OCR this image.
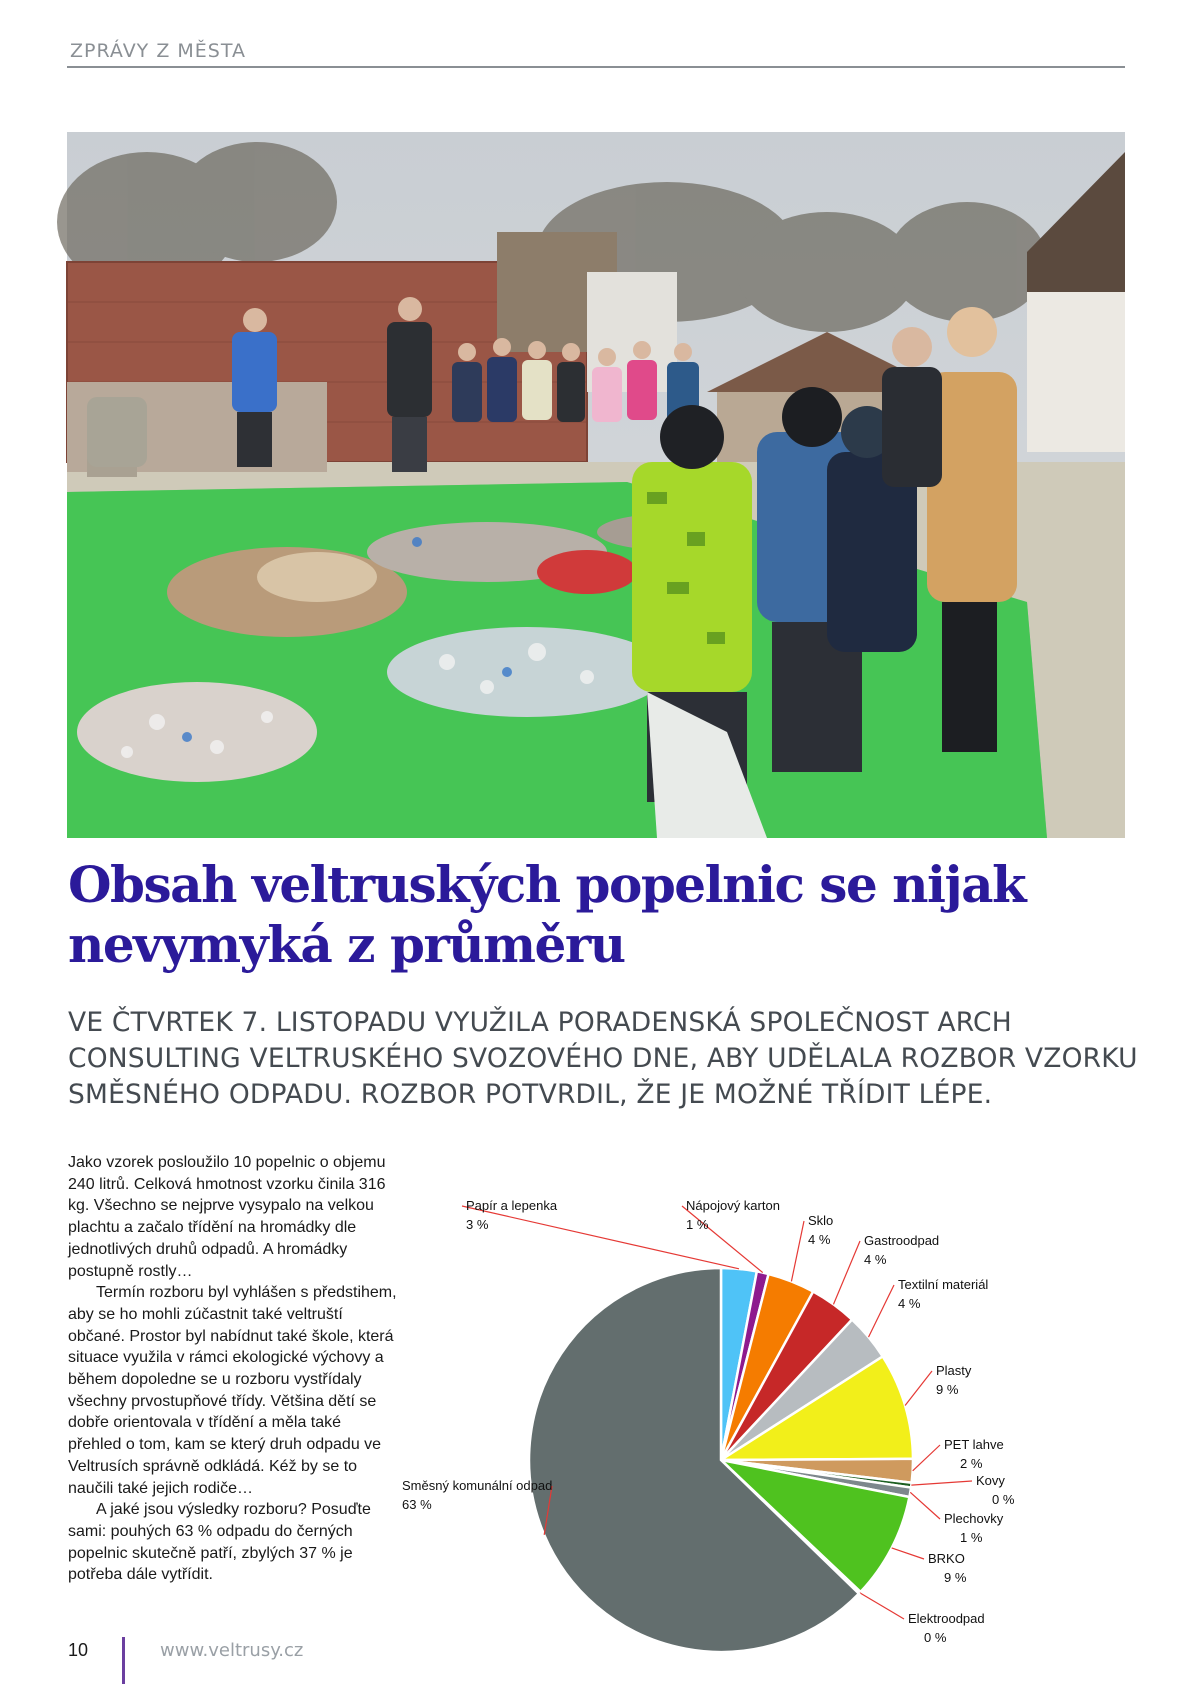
ZPRÁVY Z MĚSTA
Obsah veltruských popelnic se nijak nevymyká z průměru

VE ČTVRTEK 7. LISTOPADU VYUŽILA PORADENSKÁ SPOLEČNOST ARCH CONSULTING VELTRUSKÉHO SVOZOVÉHO DNE, ABY UDĚLALA ROZBOR VZORKU SMĚSNÉHO ODPADU. ROZBOR POTVRDIL, ŽE JE MOŽNÉ TŘÍDIT LÉPE.

Jako vzorek posloužilo 10 popelnic o objemu 240 litrů. Celková hmotnost vzorku činila 316 kg. Všechno se nejprve vysypalo na velkou plachtu a začalo třídění na hromádky dle jednotlivých druhů odpadů. A hromádky postupně rostly…

Termín rozboru byl vyhlášen s předstihem, aby se ho mohli zúčastnit také veltruští občané. Prostor byl nabídnut také škole, která situace využila v rámci ekologické výchovy a během dopoledne se u rozboru vystřídaly všechny prvostupňové třídy. Většina dětí se dobře orientovala v třídění a měla také přehled o tom, kam se který druh odpadu ve Veltrusích správně odkládá. Kéž by se to naučili také jejich rodiče…

A jaké jsou výsledky rozboru? Posuďte sami: pouhých 63 % odpadu do černých popelnic skutečně patří, zbylých 37 % je potřeba dále vytřídit.

Papír a lepenka
3 %
Nápojový karton
1 %	Sklo
4 %	Gastroodpad
4 %
Textilní materiál
4 %
Plasty
9 %
PET lahve
2 %
Kovy
0 %
Plechovky
1 %
BRKO
9 %
Elektroodpad
0 %
Směsný komunální odpad
63 %
10	www.veltrusy.cz
